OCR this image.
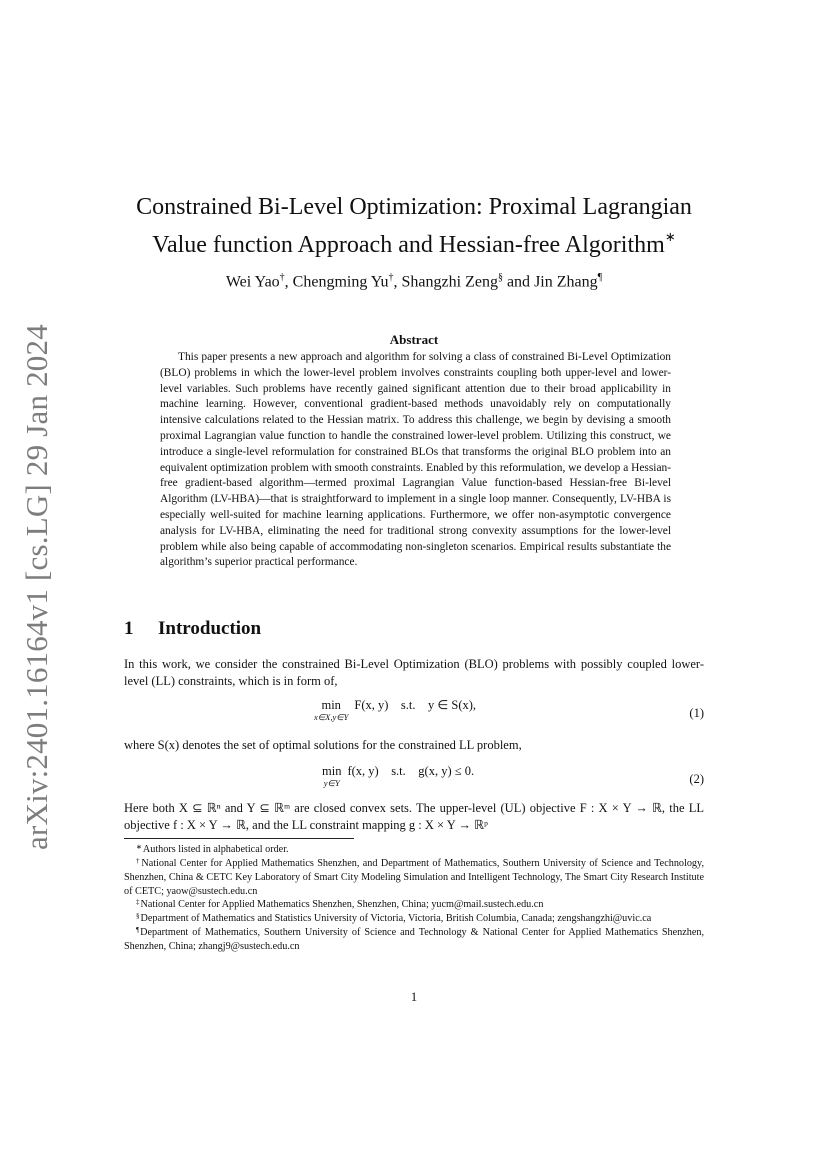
arXiv:2401.16164v1 [cs.LG] 29 Jan 2024
Constrained Bi-Level Optimization: Proximal Lagrangian
Value function Approach and Hessian-free Algorithm∗
Wei Yao†, Chengming Yu†, Shangzhi Zeng§ and Jin Zhang¶
Abstract
This paper presents a new approach and algorithm for solving a class of constrained Bi-Level Optimization (BLO) problems in which the lower-level problem involves constraints coupling both upper-level and lower-level variables. Such problems have recently gained significant attention due to their broad applicability in machine learning. However, conventional gradient-based methods unavoidably rely on computationally intensive calculations related to the Hessian matrix. To address this challenge, we begin by devising a smooth proximal Lagrangian value function to handle the constrained lower-level problem. Utilizing this construct, we introduce a single-level reformulation for constrained BLOs that transforms the original BLO problem into an equivalent optimization problem with smooth constraints. Enabled by this reformulation, we develop a Hessian-free gradient-based algorithm—termed proximal Lagrangian Value function-based Hessian-free Bi-level Algorithm (LV-HBA)—that is straightforward to implement in a single loop manner. Consequently, LV-HBA is especially well-suited for machine learning applications. Furthermore, we offer non-asymptotic convergence analysis for LV-HBA, eliminating the need for traditional strong convexity assumptions for the lower-level problem while also being capable of accommodating non-singleton scenarios. Empirical results substantiate the algorithm’s superior practical performance.
1 Introduction
In this work, we consider the constrained Bi-Level Optimization (BLO) problems with possibly coupled lower-level (LL) constraints, which is in form of,
min
x∈X,y∈Y
F(x, y)    s.t.    y ∈ S(x),
(1)
where S(x) denotes the set of optimal solutions for the constrained LL problem,
min
y∈Y
f(x, y)    s.t.    g(x, y) ≤ 0.
(2)
Here both X ⊆ ℝⁿ and Y ⊆ ℝᵐ are closed convex sets. The upper-level (UL) objective F : X × Y → ℝ, the LL objective f : X × Y → ℝ, and the LL constraint mapping g : X × Y → ℝᵖ

∗Authors listed in alphabetical order.

†National Center for Applied Mathematics Shenzhen, and Department of Mathematics, Southern University of Science and Technology, Shenzhen, China & CETC Key Laboratory of Smart City Modeling Simulation and Intelligent Technology, The Smart City Research Institute of CETC; yaow@sustech.edu.cn

‡National Center for Applied Mathematics Shenzhen, Shenzhen, China; yucm@mail.sustech.edu.cn

§Department of Mathematics and Statistics University of Victoria, Victoria, British Columbia, Canada; zengshangzhi@uvic.ca

¶Department of Mathematics, Southern University of Science and Technology & National Center for Applied Mathematics Shenzhen, Shenzhen, China; zhangj9@sustech.edu.cn

1
